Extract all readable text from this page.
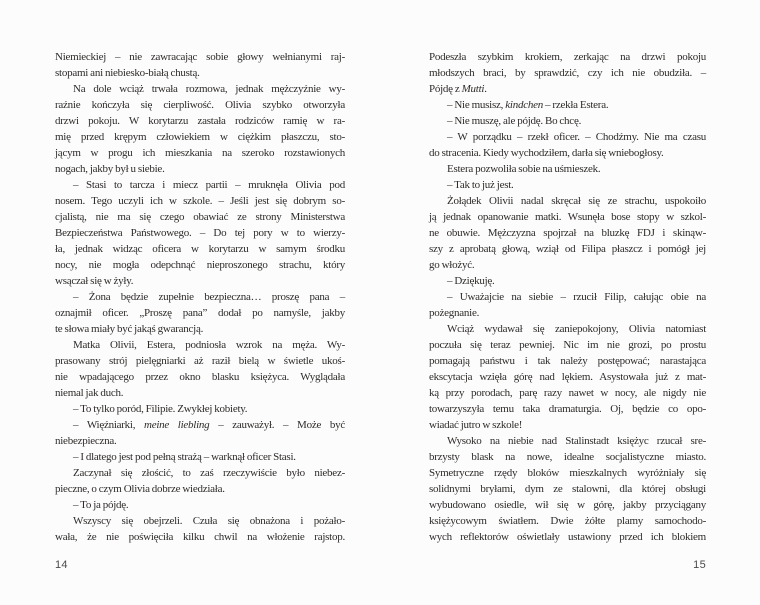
Niemieckiej – nie zawracając sobie głowy wełnianymi raj-
stopami ani niebiesko-białą chustą.
Na dole wciąż trwała rozmowa, jednak mężczyźnie wy-
raźnie kończyła się cierpliwość. Olivia szybko otworzyła
drzwi pokoju. W korytarzu zastała rodziców ramię w ra-
mię przed krępym człowiekiem w ciężkim płaszczu, sto-
jącym w progu ich mieszkania na szeroko rozstawionych
nogach, jakby był u siebie.
– Stasi to tarcza i miecz partii – mruknęła Olivia pod
nosem. Tego uczyli ich w szkole. – Jeśli jest się dobrym so-
cjalistą, nie ma się czego obawiać ze strony Ministerstwa
Bezpieczeństwa Państwowego. – Do tej pory w to wierzy-
ła, jednak widząc oficera w korytarzu w samym środku
nocy, nie mogła odepchnąć nieproszonego strachu, który
wsączał się w żyły.
– Żona będzie zupełnie bezpieczna… proszę pana –
oznajmił oficer. „Proszę pana” dodał po namyśle, jakby
te słowa miały być jakąś gwarancją.
Matka Olivii, Estera, podniosła wzrok na męża. Wy-
prasowany strój pielęgniarki aż raził bielą w świetle ukoś-
nie wpadającego przez okno blasku księżyca. Wyglądała
niemal jak duch.
– To tylko poród, Filipie. Zwykłej kobiety.
– Więźniarki, meine liebling – zauważył. – Może być
niebezpieczna.
– I dlatego jest pod pełną strażą – warknął oficer Stasi.
Zaczynał się złościć, to zaś rzeczywiście było niebez-
pieczne, o czym Olivia dobrze wiedziała.
– To ja pójdę.
Wszyscy się obejrzeli. Czuła się obnażona i pożało-
wała, że nie poświęciła kilku chwil na włożenie rajstop.
Podeszła szybkim krokiem, zerkając na drzwi pokoju
młodszych braci, by sprawdzić, czy ich nie obudziła. –
Pójdę z Mutti.
– Nie musisz, kindchen – rzekła Estera.
– Nie muszę, ale pójdę. Bo chcę.
– W porządku – rzekł oficer. – Chodźmy. Nie ma czasu
do stracenia. Kiedy wychodziłem, darła się wniebogłosy.
Estera pozwoliła sobie na uśmieszek.
– Tak to już jest.
Żołądek Olivii nadal skręcał się ze strachu, uspokoiło
ją jednak opanowanie matki. Wsunęła bose stopy w szkol-
ne obuwie. Mężczyzna spojrzał na bluzkę FDJ i skinąw-
szy z aprobatą głową, wziął od Filipa płaszcz i pomógł jej
go włożyć.
– Dziękuję.
– Uważajcie na siebie – rzucił Filip, całując obie na
pożegnanie.
Wciąż wydawał się zaniepokojony, Olivia natomiast
poczuła się teraz pewniej. Nic im nie grozi, po prostu
pomagają państwu i tak należy postępować; narastająca
ekscytacja wzięła górę nad lękiem. Asystowała już z mat-
ką przy porodach, parę razy nawet w nocy, ale nigdy nie
towarzyszyła temu taka dramaturgia. Oj, będzie co opo-
wiadać jutro w szkole!
Wysoko na niebie nad Stalinstadt księżyc rzucał sre-
brzysty blask na nowe, idealne socjalistyczne miasto.
Symetryczne rzędy bloków mieszkalnych wyróżniały się
solidnymi bryłami, dym ze stalowni, dla której obsługi
wybudowano osiedle, wił się w górę, jakby przyciągany
księżycowym światłem. Dwie żółte plamy samochodo-
wych reflektorów oświetlały ustawiony przed ich blokiem
14	15
